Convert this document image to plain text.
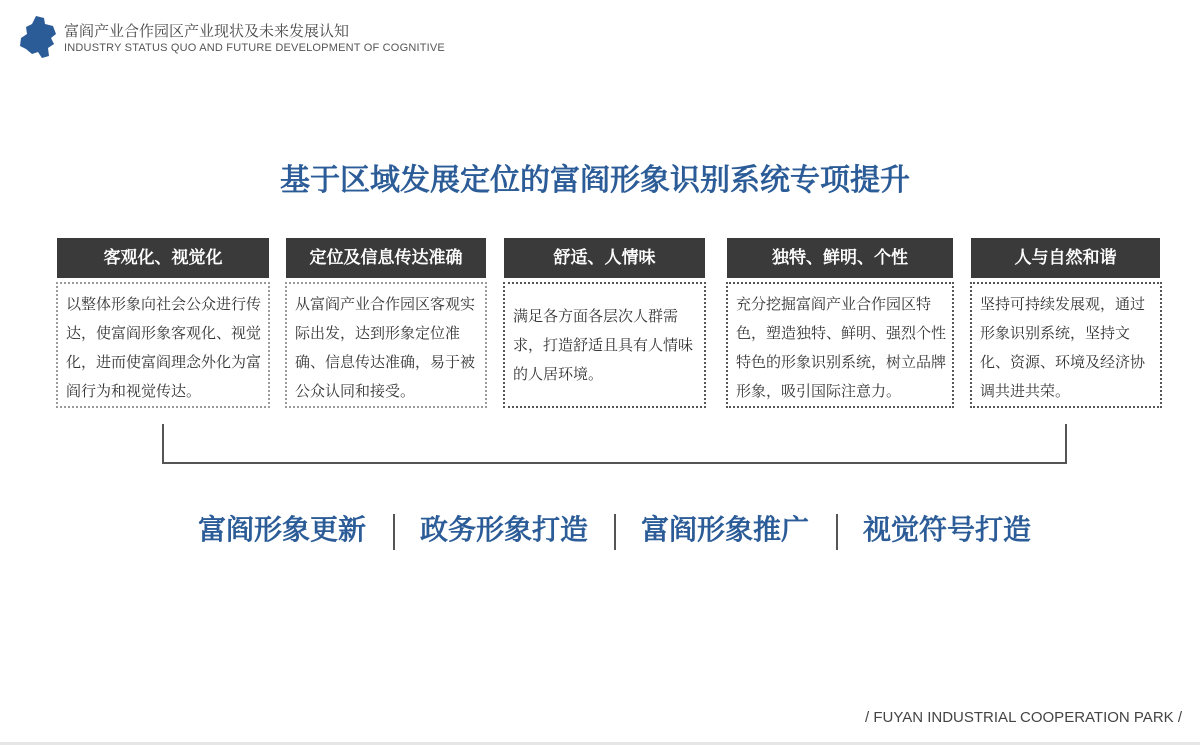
富阎产业合作园区产业现状及未来发展认知
INDUSTRY STATUS QUO AND FUTURE DEVELOPMENT OF COGNITIVE
基于区域发展定位的富阎形象识别系统专项提升
客观化、视觉化
以整体形象向社会公众进行传达，使富阎形象客观化、视觉化，进而使富阎理念外化为富阎行为和视觉传达。
定位及信息传达准确
从富阎产业合作园区客观实际出发，达到形象定位准确、信息传达准确，易于被公众认同和接受。
舒适、人情味
满足各方面各层次人群需求，打造舒适且具有人情味的人居环境。
独特、鲜明、个性
充分挖掘富阎产业合作园区特色，塑造独特、鲜明、强烈个性特色的形象识别系统，树立品牌形象，吸引国际注意力。
人与自然和谐
坚持可持续发展观，通过形象识别系统，坚持文化、资源、环境及经济协调共进共荣。
富阎形象更新 政务形象打造 富阎形象推广 视觉符号打造
/ FUYAN INDUSTRIAL COOPERATION PARK /
